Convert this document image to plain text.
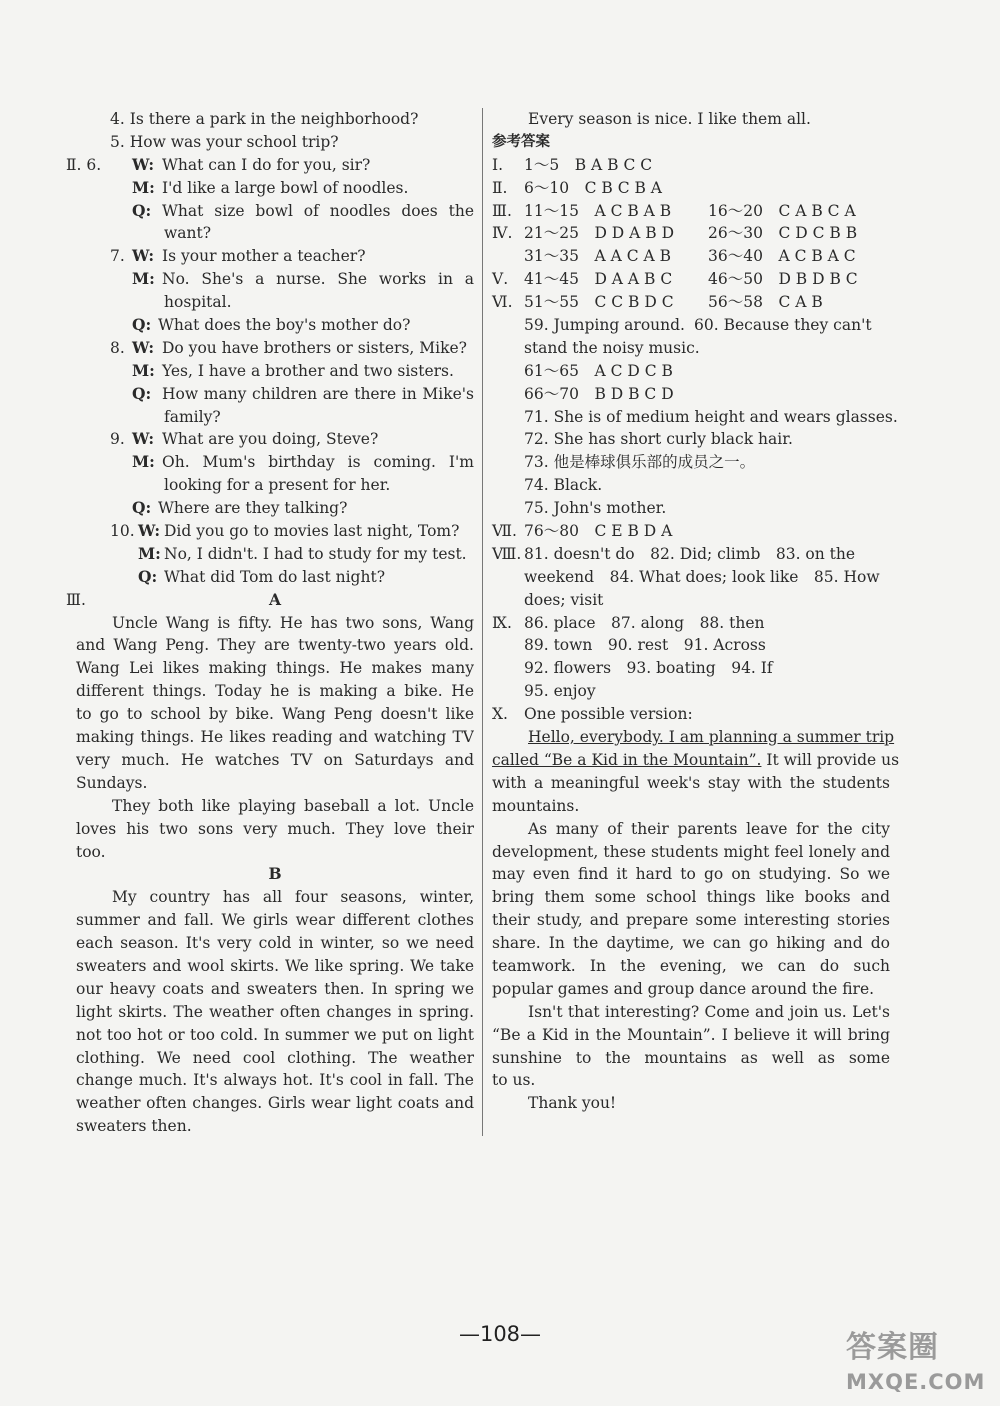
4. Is there a park in the neighborhood?
5. How was your school trip?
Ⅱ. 6. W: What can I do for you, sir?
M: I'd like a large bowl of noodles.
Q: What size bowl of noodles does the
want?
7. W: Is your mother a teacher?
M: No. She's a nurse. She works in a
hospital.
Q: What does the boy's mother do?
8. W: Do you have brothers or sisters, Mike?
M: Yes, I have a brother and two sisters.
Q: How many children are there in Mike's
family?
9. W: What are you doing, Steve?
M: Oh. Mum's birthday is coming. I'm
looking for a present for her.
Q: Where are they talking?
10. W: Did you go to movies last night, Tom?
M: No, I didn't. I had to study for my test.
Q: What did Tom do last night?
Ⅲ.	A
Uncle Wang is fifty. He has two sons, Wang
and Wang Peng. They are twenty-two years old.
Wang Lei likes making things. He makes many
different things. Today he is making a bike. He
to go to school by bike. Wang Peng doesn't like
making things. He likes reading and watching TV
very much. He watches TV on Saturdays and
Sundays.
They both like playing baseball a lot. Uncle
loves his two sons very much. They love their
too.
B
My country has all four seasons, winter,
summer and fall. We girls wear different clothes
each season. It's very cold in winter, so we need
sweaters and wool skirts. We like spring. We take
our heavy coats and sweaters then. In spring we
light skirts. The weather often changes in spring.
not too hot or too cold. In summer we put on light
clothing. We need cool clothing. The weather
change much. It's always hot. It's cool in fall. The
weather often changes. Girls wear light coats and
sweaters then.
Every season is nice. I like them all.
参考答案
Ⅰ. 1～5　B A B C C
Ⅱ. 6～10　C B C B A
Ⅲ. 11～15　A C B A B 16～20　C A B C A
Ⅳ. 21～25　D D A B D 26～30　C D C B B
31～35　A A C A B 36～40　A C B A C
Ⅴ. 41～45　D A A B C 46～50　D B D B C
Ⅵ. 51～55　C C B D C 56～58　C A B
59. Jumping around. 60. Because they can't
stand the noisy music.
61～65　A C D C B
66～70　B D B C D
71. She is of medium height and wears glasses.
72. She has short curly black hair.
73. 他是棒球俱乐部的成员之一。
74. Black.
75. John's mother.
Ⅶ. 76～80　C E B D A
Ⅷ. 81. doesn't do　82. Did; climb　83. on the
weekend　84. What does; look like　85. How
does; visit
Ⅸ. 86. place　87. along　88. then
89. town　90. rest　91. Across
92. flowers　93. boating　94. If
95. enjoy
Ⅹ. One possible version:
Hello, everybody. I am planning a summer trip
called “Be a Kid in the Mountain”. It will provide us
with a meaningful week's stay with the students
mountains.
As many of their parents leave for the city
development, these students might feel lonely and
may even find it hard to go on studying. So we
bring them some school things like books and
their study, and prepare some interesting stories
share. In the daytime, we can go hiking and do
teamwork. In the evening, we can do such
popular games and group dance around the fire.
Isn't that interesting? Come and join us. Let's
“Be a Kid in the Mountain”. I believe it will bring
sunshine to the mountains as well as some
to us.
Thank you!
—108—	答案圈
MXQE.COM
